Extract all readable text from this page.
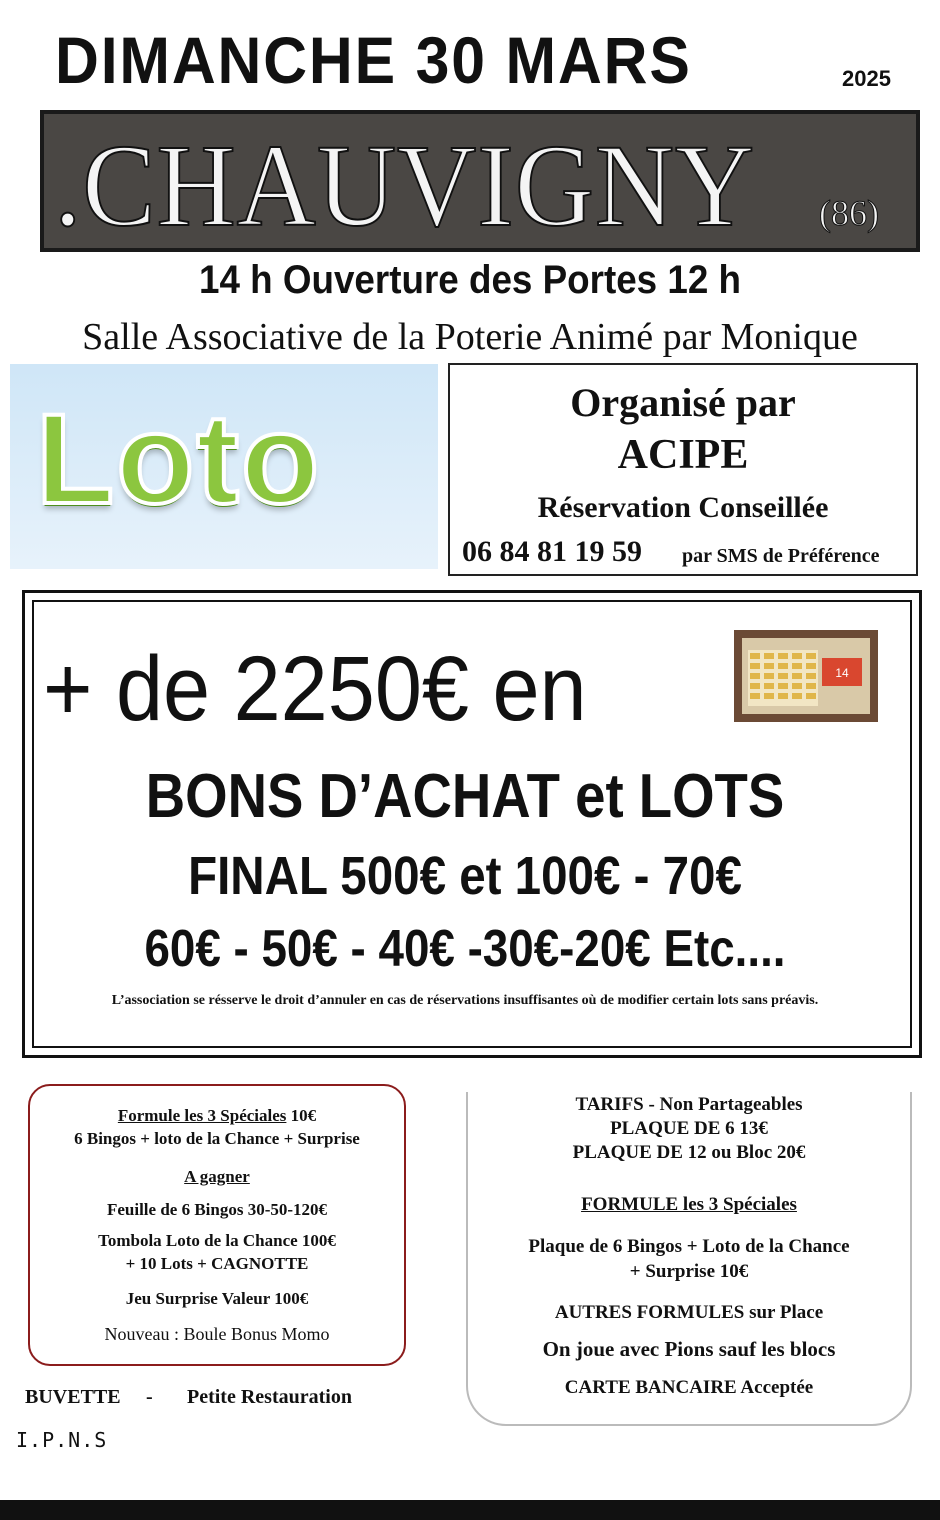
DIMANCHE 30 MARS	2025
.CHAUVIGNY (86)
14 h Ouverture des Portes 12 h
Salle Associative de la Poterie Animé par Monique
Loto	Organisé par
ACIPE
Réservation Conseillée
06 84 81 19 59 par SMS de Préférence
+ de 2250€ en
BONS D’ACHAT et LOTS
FINAL 500€ et 100€ - 70€
60€ - 50€ - 40€ -30€-20€ Etc....
L’association se résserve le droit d’annuler en cas de réservations insuffisantes où de modifier certain lots sans préavis.
14
Formule les 3 Spéciales 10€
6 Bingos + loto de la Chance + Surprise
A gagner
Feuille de 6 Bingos 30-50-120€
Tombola Loto de la Chance 100€
+ 10 Lots + CAGNOTTE
Jeu Surprise Valeur 100€
Nouveau : Boule Bonus Momo
TARIFS - Non Partageables
PLAQUE DE 6 13€
PLAQUE DE 12 ou Bloc 20€
FORMULE les 3 Spéciales
Plaque de 6 Bingos + Loto de la Chance
+ Surprise 10€
AUTRES FORMULES sur Place
On joue avec Pions sauf les blocs
CARTE BANCAIRE Acceptée
BUVETTE - Petite Restauration
I.P.N.S
